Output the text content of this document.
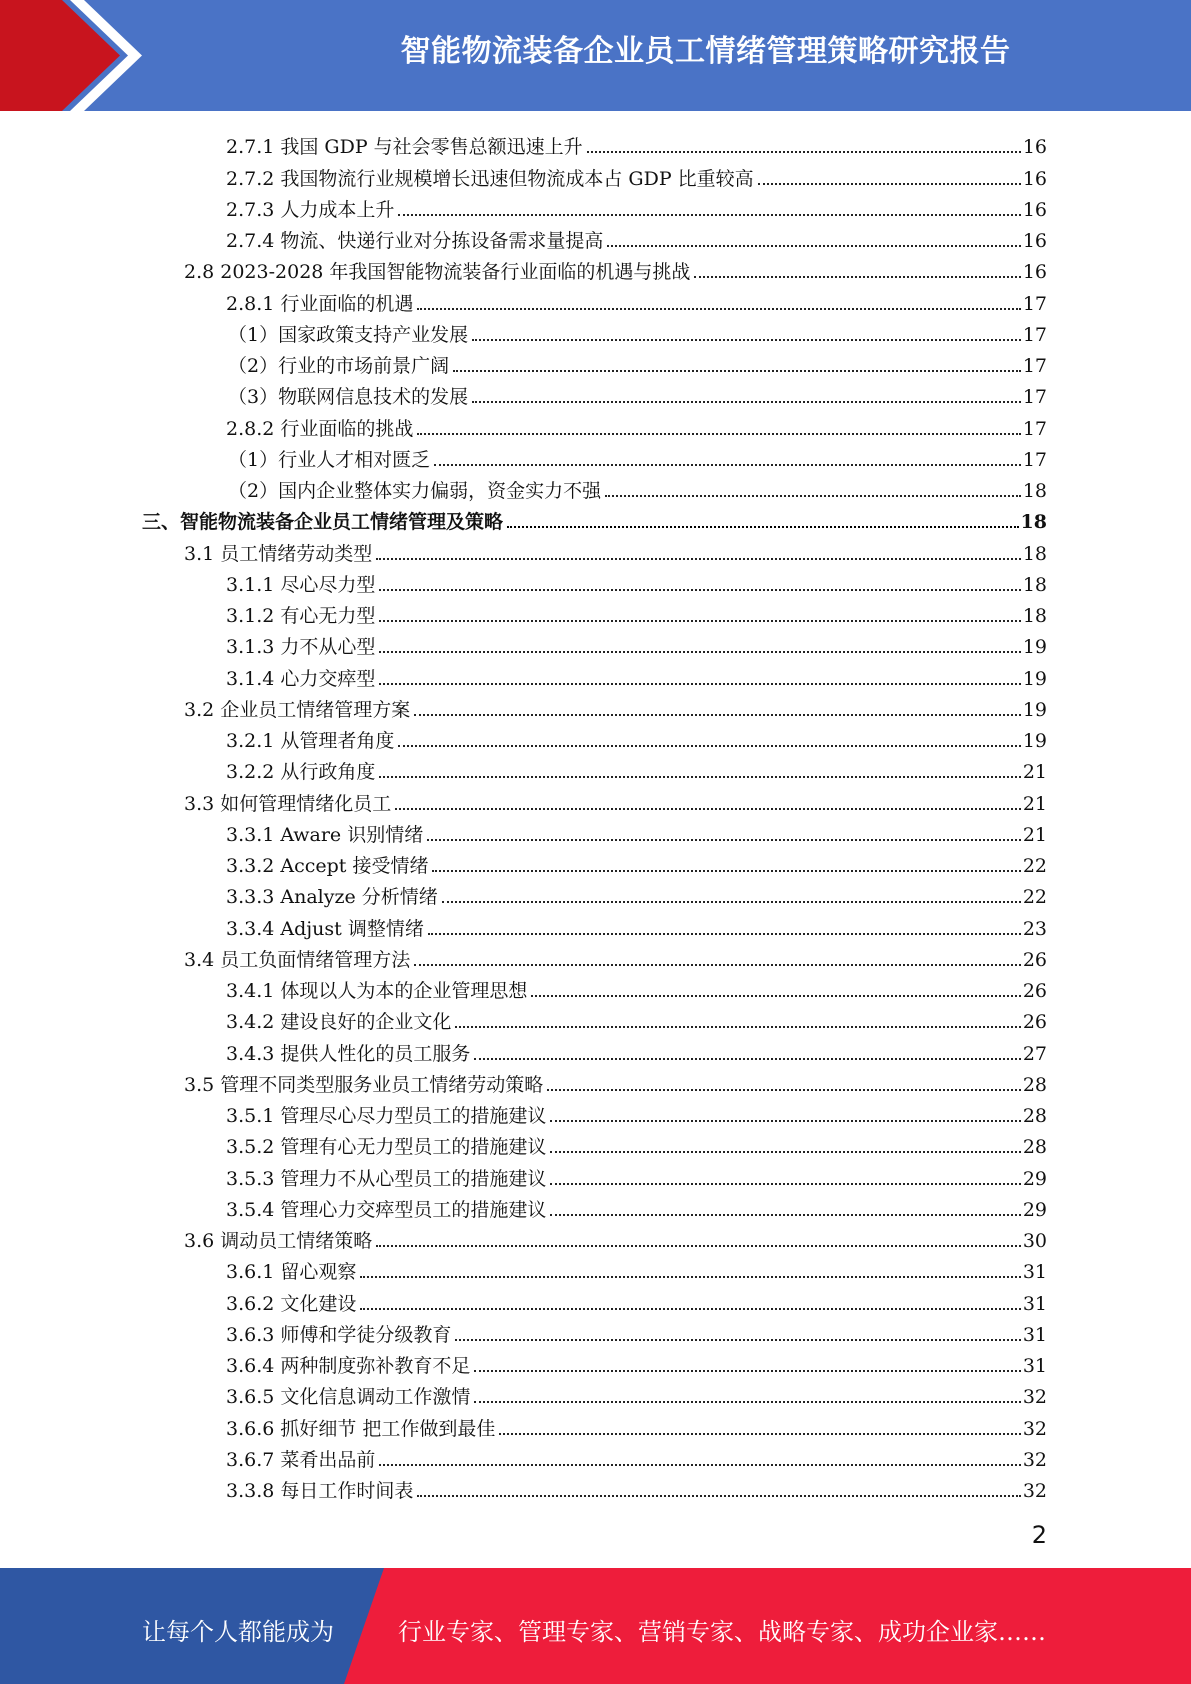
智能物流装备企业员工情绪管理策略研究报告
2.7.1 我国 GDP 与社会零售总额迅速上升	16
2.7.2 我国物流行业规模增长迅速但物流成本占 GDP 比重较高	16
2.7.3 人力成本上升	16
2.7.4 物流、快递行业对分拣设备需求量提高	16
2.8 2023-2028 年我国智能物流装备行业面临的机遇与挑战	16
2.8.1 行业面临的机遇	17
（1）国家政策支持产业发展	17
（2）行业的市场前景广阔	17
（3）物联网信息技术的发展	17
2.8.2 行业面临的挑战	17
（1）行业人才相对匮乏	17
（2）国内企业整体实力偏弱，资金实力不强	18
三、智能物流装备企业员工情绪管理及策略	18
3.1 员工情绪劳动类型	18
3.1.1 尽心尽力型	18
3.1.2 有心无力型	18
3.1.3 力不从心型	19
3.1.4 心力交瘁型	19
3.2 企业员工情绪管理方案	19
3.2.1 从管理者角度	19
3.2.2 从行政角度	21
3.3 如何管理情绪化员工	21
3.3.1 Aware 识别情绪	21
3.3.2 Accept 接受情绪	22
3.3.3 Analyze 分析情绪	22
3.3.4 Adjust 调整情绪	23
3.4 员工负面情绪管理方法	26
3.4.1 体现以人为本的企业管理思想	26
3.4.2 建设良好的企业文化	26
3.4.3 提供人性化的员工服务	27
3.5 管理不同类型服务业员工情绪劳动策略	28
3.5.1 管理尽心尽力型员工的措施建议	28
3.5.2 管理有心无力型员工的措施建议	28
3.5.3 管理力不从心型员工的措施建议	29
3.5.4 管理心力交瘁型员工的措施建议	29
3.6 调动员工情绪策略	30
3.6.1 留心观察	31
3.6.2 文化建设	31
3.6.3 师傅和学徒分级教育	31
3.6.4 两种制度弥补教育不足	31
3.6.5 文化信息调动工作激情	32
3.6.6 抓好细节 把工作做到最佳	32
3.6.7 菜肴出品前	32
3.3.8 每日工作时间表	32
2
让每个人都能成为	行业专家、管理专家、营销专家、战略专家、成功企业家……
